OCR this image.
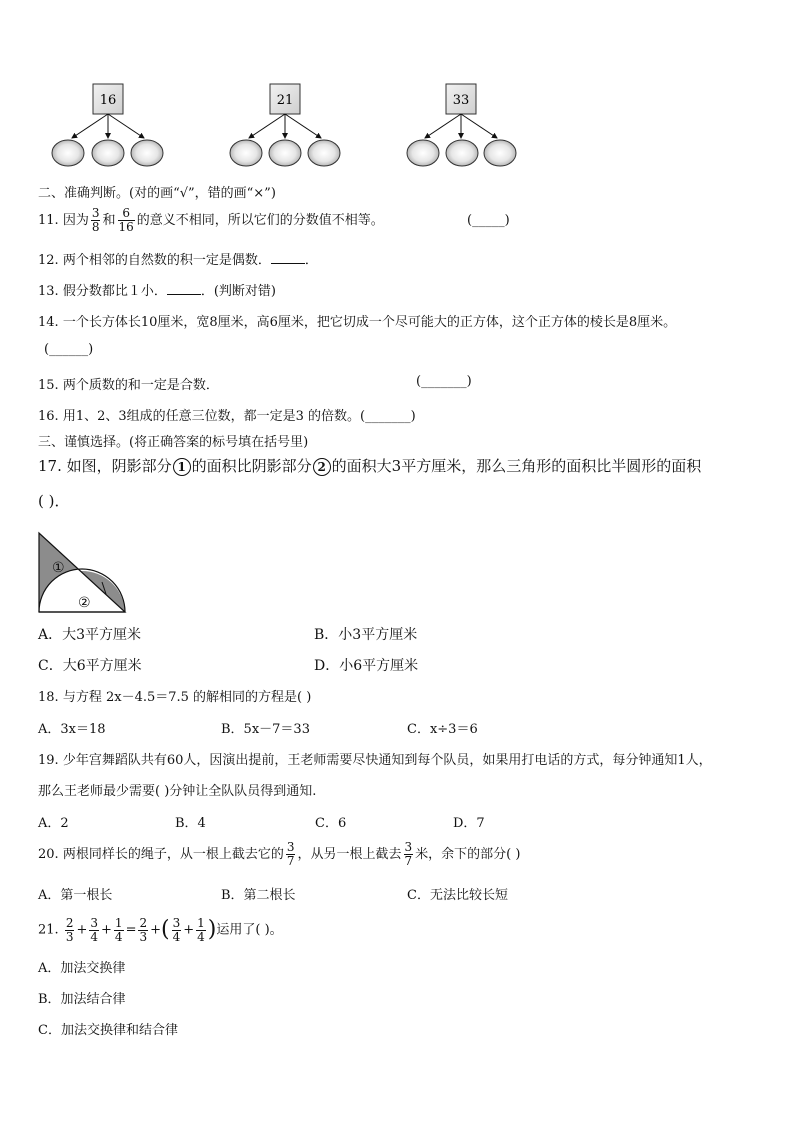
16	21	33
二、准确判断。(对的画“√”，错的画“×”)
11. 因为 $\frac{3}{8}$ 和 $\frac{6}{16}$ 的意义不相同，所以它们的分数值不相等。	(_____)
12. 两个相邻的自然数的积一定是偶数．	．
13. 假分数都比１小．	．(判断对错)
14. 一个长方体长10厘米，宽8厘米，高6厘米，把它切成一个尽可能大的正方体，这个正方体的棱长是8厘米。
(______)
15. 两个质数的和一定是合数．	(_______)
16. 用1、2、3组成的任意三位数，都一定是3 的倍数。(_______)
三、谨慎选择。(将正确答案的标号填在括号里)
17. 如图，阴影部分 1 的面积比阴影部分 2 的面积大3平方厘米，那么三角形的面积比半圆形的面积
( )．
①
②
A．大3平方厘米	B．小3平方厘米
C．大6平方厘米	D．小6平方厘米
18. 与方程 2x－4.5＝7.5 的解相同的方程是( )
A．3x＝18	B．5x－7＝33	C．x÷3＝6
19. 少年宫舞蹈队共有60人，因演出提前，王老师需要尽快通知到每个队员，如果用打电话的方式，每分钟通知1人，
那么王老师最少需要( )分钟让全队队员得到通知.
A．2	B．4	C．6	D．7
20. 两根同样长的绳子，从一根上截去它的 $\frac{3}{7}$ ，从另一根上截去 $\frac{3}{7}$ 米，余下的部分( )
A．第一根长	B．第二根长	C．无法比较长短
21. $\frac{2}{3} + \frac{3}{4} + \frac{1}{4} = \frac{2}{3}$ +( $\frac{3}{4} + \frac{1}{4}$ )运用了( )。
A．加法交换律
B．加法结合律
C．加法交换律和结合律
